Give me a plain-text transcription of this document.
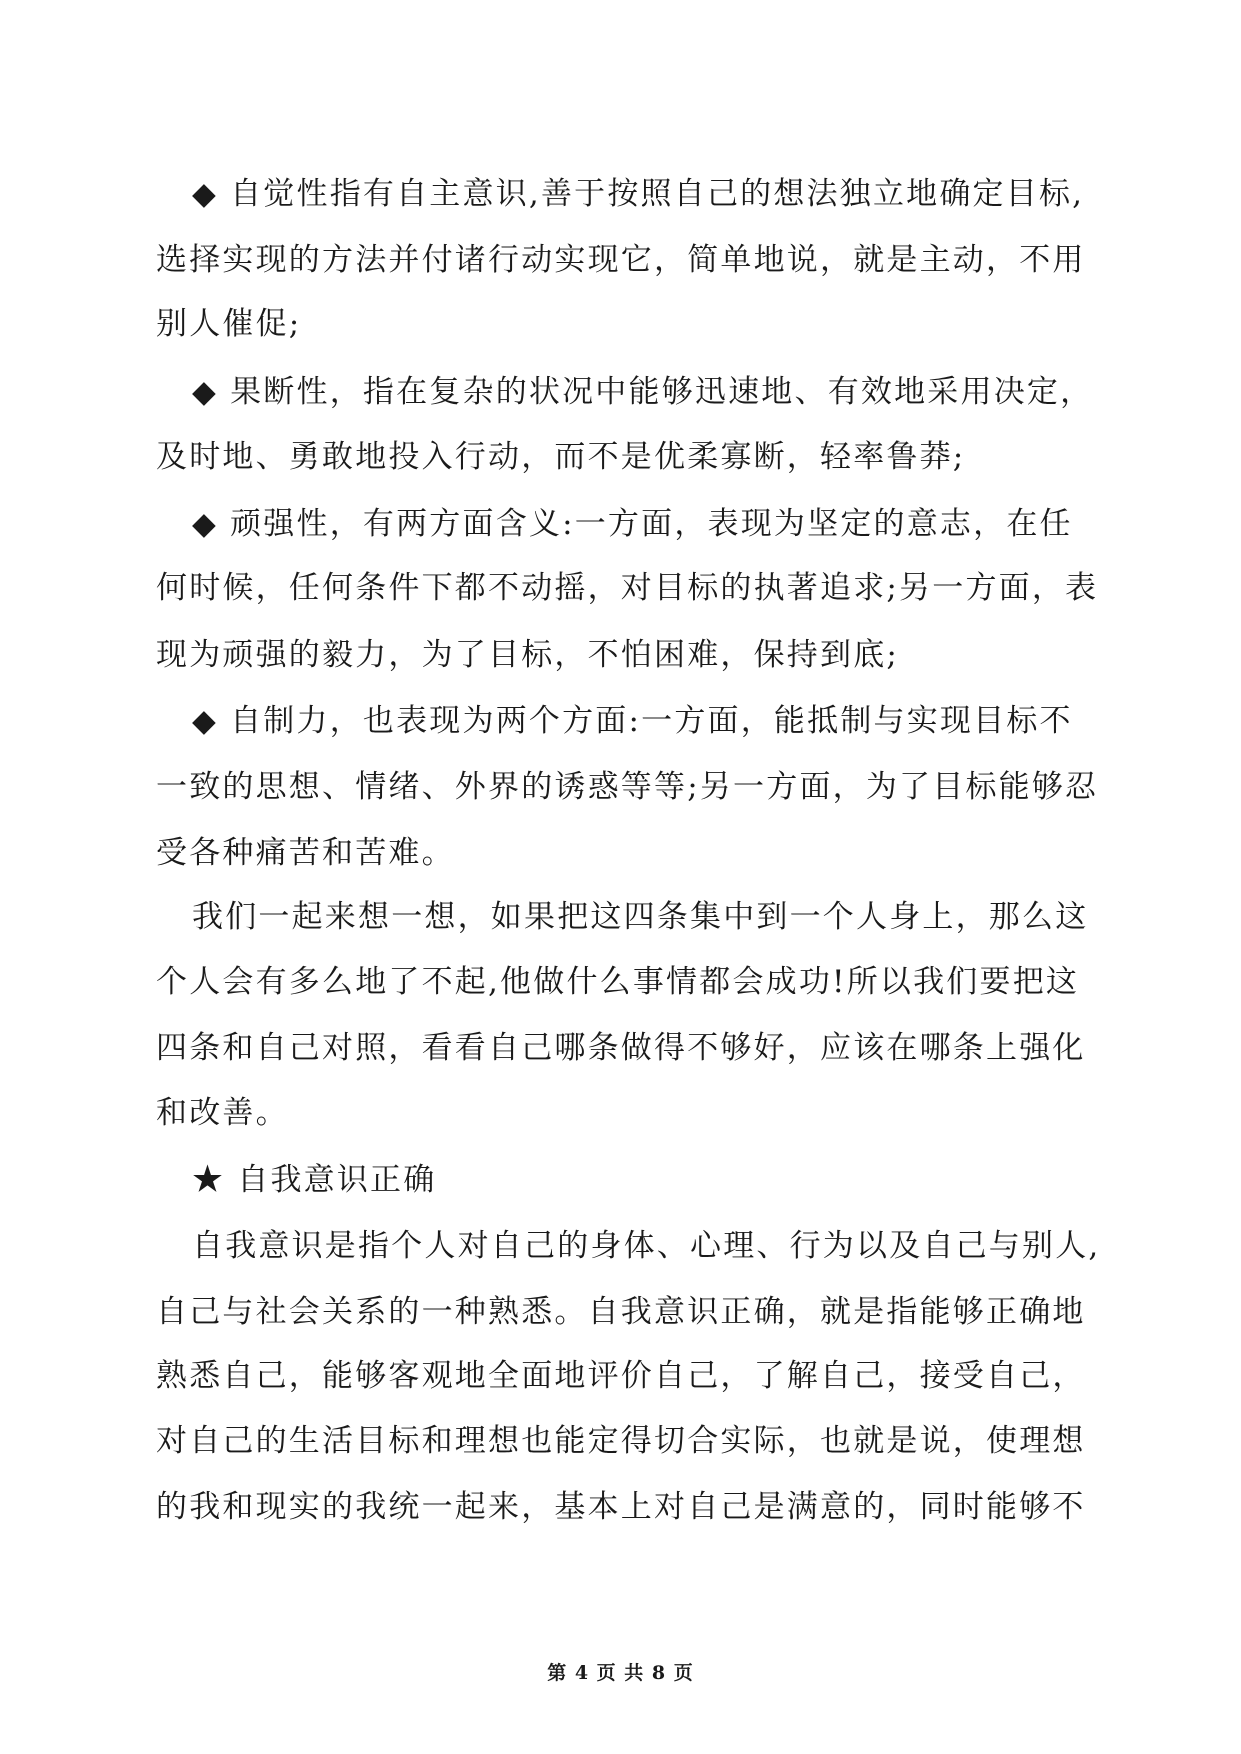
◆ 自觉性指有自主意识,善于按照自己的想法独立地确定目标,
选择实现的方法并付诸行动实现它，简单地说，就是主动，不用
别人催促;
◆ 果断性，指在复杂的状况中能够迅速地、有效地采用决定，
及时地、勇敢地投入行动，而不是优柔寡断，轻率鲁莽;
◆ 顽强性，有两方面含义:一方面，表现为坚定的意志，在任
何时候，任何条件下都不动摇，对目标的执著追求;另一方面，表
现为顽强的毅力，为了目标，不怕困难，保持到底;
◆ 自制力，也表现为两个方面:一方面，能抵制与实现目标不
一致的思想、情绪、外界的诱惑等等;另一方面，为了目标能够忍
受各种痛苦和苦难。
我们一起来想一想，如果把这四条集中到一个人身上，那么这
个人会有多么地了不起,他做什么事情都会成功!所以我们要把这
四条和自己对照，看看自己哪条做得不够好，应该在哪条上强化
和改善。
★ 自我意识正确
自我意识是指个人对自己的身体、心理、行为以及自己与别人,
自己与社会关系的一种熟悉。自我意识正确，就是指能够正确地
熟悉自己，能够客观地全面地评价自己，了解自己，接受自己，
对自己的生活目标和理想也能定得切合实际，也就是说，使理想
的我和现实的我统一起来，基本上对自己是满意的，同时能够不
第 4 页 共 8 页
